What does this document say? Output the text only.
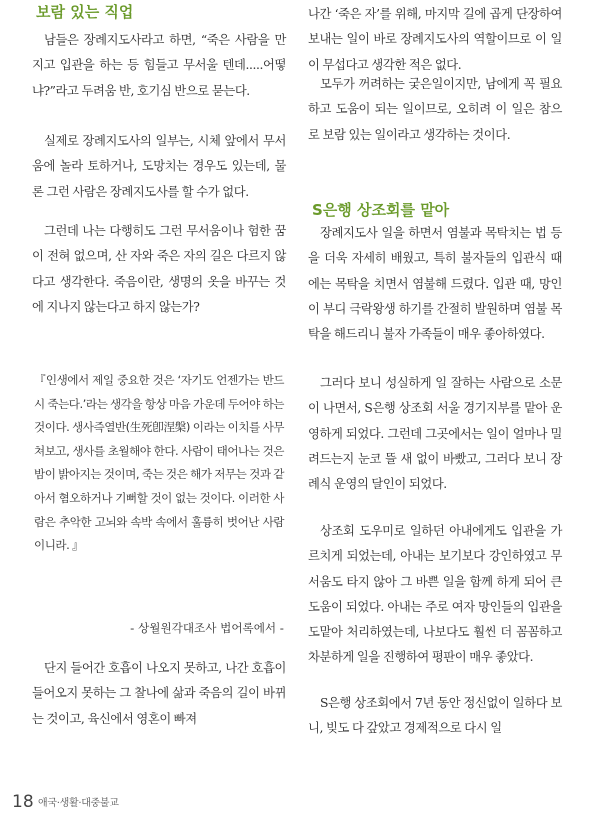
보람 있는 직업

남들은 장례지도사라고 하면, “죽은 사람을 만지고 입관을 하는 등 힘들고 무서울 텐데.....어떻냐?”라고 두려움 반, 호기심 반으로 묻는다.

실제로 장례지도사의 일부는, 시체 앞에서 무서움에 놀라 토하거나, 도망치는 경우도 있는데, 물론 그런 사람은 장례지도사를 할 수가 없다.

그런데 나는 다행히도 그런 무서움이나 험한 꿈이 전혀 없으며, 산 자와 죽은 자의 길은 다르지 않다고 생각한다. 죽음이란, 생명의 옷을 바꾸는 것에 지나지 않는다고 하지 않는가?

『인생에서 제일 중요한 것은 ‘자기도 언젠가는 반드시 죽는다.’라는 생각을 항상 마음 가운데 두어야 하는 것이다. 생사즉열반(生死卽涅槃) 이라는 이치를 사무쳐보고, 생사를 초월해야 한다. 사람이 태어나는 것은 밤이 밝아지는 것이며, 죽는 것은 해가 저무는 것과 같아서 혐오하거나 기뻐할 것이 없는 것이다. 이러한 사람은 추악한 고뇌와 속박 속에서 훌륭히 벗어난 사람이니라. 』

- 상월원각대조사 법어록에서 -

단지 들어간 호흡이 나오지 못하고, 나간 호흡이 들어오지 못하는 그 찰나에 삶과 죽음의 길이 바뀌는 것이고, 육신에서 영혼이 빠져

나간 ‘죽은 자’를 위해, 마지막 길에 곱게 단장하여 보내는 일이 바로 장례지도사의 역할이므로 이 일이 무섭다고 생각한 적은 없다.

모두가 꺼려하는 궂은일이지만, 남에게 꼭 필요하고 도움이 되는 일이므로, 오히려 이 일은 참으로 보람 있는 일이라고 생각하는 것이다.

S은행 상조회를 맡아

장례지도사 일을 하면서 염불과 목탁치는 법 등을 더욱 자세히 배웠고, 특히 불자들의 입관식 때에는 목탁을 치면서 염불해 드렸다. 입관 때, 망인이 부디 극락왕생 하기를 간절히 발원하며 염불 목탁을 해드리니 불자 가족들이 매우 좋아하였다.

그러다 보니 성실하게 일 잘하는 사람으로 소문이 나면서, S은행 상조회 서울 경기지부를 맡아 운영하게 되었다. 그런데 그곳에서는 일이 얼마나 밀려드는지 눈코 뜰 새 없이 바빴고, 그러다 보니 장례식 운영의 달인이 되었다.

상조회 도우미로 일하던 아내에게도 입관을 가르치게 되었는데, 아내는 보기보다 강인하였고 무서움도 타지 않아 그 바쁜 일을 함께 하게 되어 큰 도움이 되었다. 아내는 주로 여자 망인들의 입관을 도맡아 처리하였는데, 나보다도 훨씬 더 꼼꼼하고 차분하게 일을 진행하여 평판이 매우 좋았다.

S은행 상조회에서 7년 동안 정신없이 일하다 보니, 빚도 다 갚았고 경제적으로 다시 일

18 애국·생활·대중불교
